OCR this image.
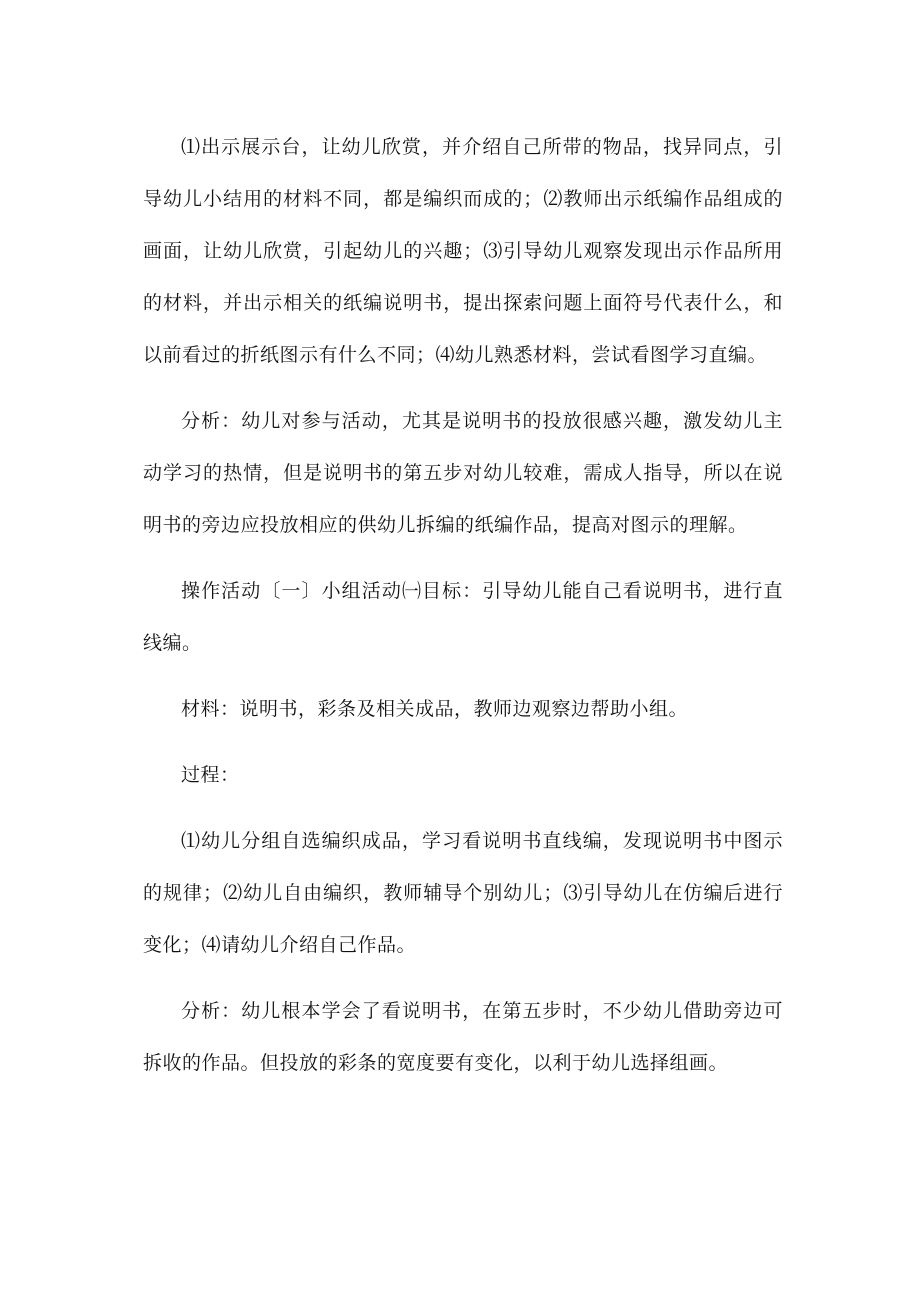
⑴出示展示台，让幼儿欣赏，并介绍自己所带的物品，找异同点，引导幼儿小结用的材料不同，都是编织而成的；⑵教师出示纸编作品组成的画面，让幼儿欣赏，引起幼儿的兴趣；⑶引导幼儿观察发现出示作品所用的材料，并出示相关的纸编说明书，提出探索问题上面符号代表什么，和以前看过的折纸图示有什么不同；⑷幼儿熟悉材料，尝试看图学习直编。

分析：幼儿对参与活动，尤其是说明书的投放很感兴趣，激发幼儿主动学习的热情，但是说明书的第五步对幼儿较难，需成人指导，所以在说明书的旁边应投放相应的供幼儿拆编的纸编作品，提高对图示的理解。

操作活动〔一〕小组活动㈠目标：引导幼儿能自己看说明书，进行直线编。

材料：说明书，彩条及相关成品，教师边观察边帮助小组。

过程：

⑴幼儿分组自选编织成品，学习看说明书直线编，发现说明书中图示的规律；⑵幼儿自由编织，教师辅导个别幼儿；⑶引导幼儿在仿编后进行变化；⑷请幼儿介绍自己作品。

分析：幼儿根本学会了看说明书，在第五步时，不少幼儿借助旁边可拆收的作品。但投放的彩条的宽度要有变化，以利于幼儿选择组画。
